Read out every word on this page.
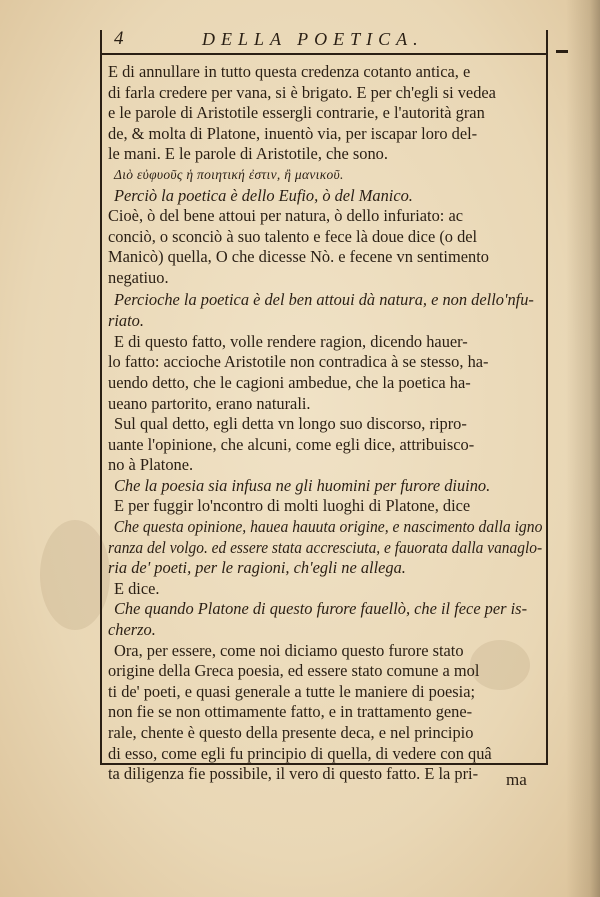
4	DELLA POETICA.
E di annullare in tutto questa credenza cotanto antica, e
di farla credere per vana, si è brigato. E per ch'egli si vedea
e le parole di Aristotile essergli contrarie, e l'autorità gran
de, & molta di Platone, inuentò via, per iscapar loro del-
le mani. E le parole di Aristotile, che sono.
Διὸ εὐφυοῦς ἡ ποιητική ἐστιν, ἢ μανικοῦ.
Perciò la poetica è dello Eufio, ò del Manico.
Cioè, ò del bene attoui per natura, ò dello infuriato: ac
conciò, o sconciò à suo talento e fece là doue dice (o del
Manicò) quella, O che dicesse Nò. e fecene vn sentimento
negatiuo.
Percioche la poetica è del ben attoui dà natura, e non dello'nfu-
riato.
E di questo fatto, volle rendere ragion, dicendo hauer-
lo fatto: accioche Aristotile non contradica à se stesso, ha-
uendo detto, che le cagioni ambedue, che la poetica ha-
ueano partorito, erano naturali.
Sul qual detto, egli detta vn longo suo discorso, ripro-
uante l'opinione, che alcuni, come egli dice, attribuisco-
no à Platone.
Che la poesia sia infusa ne gli huomini per furore diuino.
E per fuggir lo'ncontro di molti luoghi di Platone, dice
Che questa opinione, hauea hauuta origine, e nascimento dalla igno
ranza del volgo. ed essere stata accresciuta, e fauorata dalla vanaglo-
ria de' poeti, per le ragioni, ch'egli ne allega.
E dice.
Che quando Platone di questo furore fauellò, che il fece per is-
cherzo.
Ora, per essere, come noi diciamo questo furore stato
origine della Greca poesia, ed essere stato comune a mol
ti de' poeti, e quasi generale a tutte le maniere di poesia;
non fie se non ottimamente fatto, e in trattamento gene-
rale, chente è questo della presente deca, e nel principio
di esso, come egli fu principio di quella, di vedere con quâ
ta diligenza fie possibile, il vero di questo fatto. E la pri-	ma
